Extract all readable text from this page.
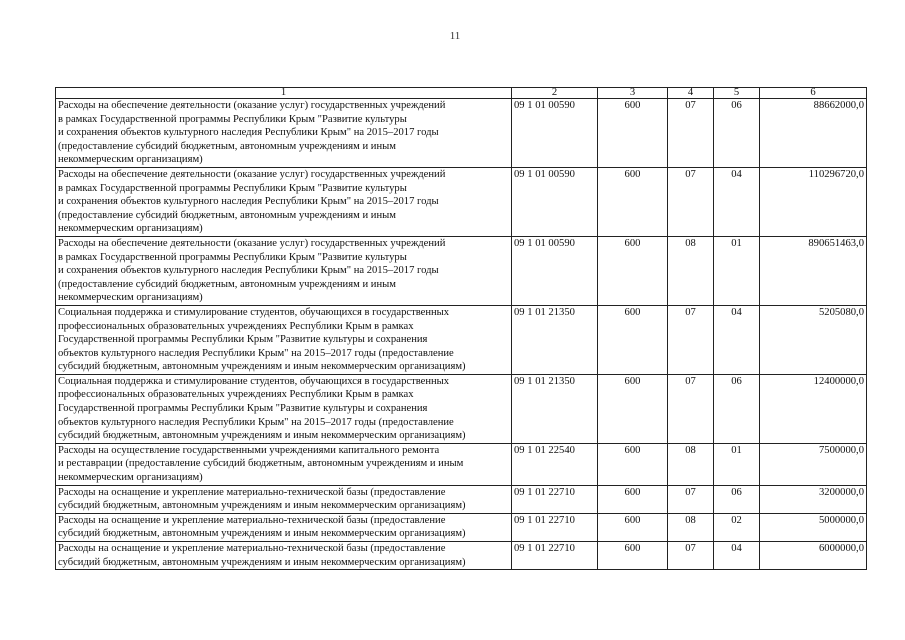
11
1	2	3	4	5	6
Расходы на обеспечение деятельности (оказание услуг) государственных учреждений
в рамках Государственной программы Республики Крым "Развитие культуры
и сохранения объектов культурного наследия Республики Крым" на 2015–2017 годы
(предоставление субсидий бюджетным, автономным учреждениям и иным
некоммерческим организациям)	09 1 01 00590	600	07	06	88662000,0
Расходы на обеспечение деятельности (оказание услуг) государственных учреждений
в рамках Государственной программы Республики Крым "Развитие культуры
и сохранения объектов культурного наследия Республики Крым" на 2015–2017 годы
(предоставление субсидий бюджетным, автономным учреждениям и иным
некоммерческим организациям)	09 1 01 00590	600	07	04	110296720,0
Расходы на обеспечение деятельности (оказание услуг) государственных учреждений
в рамках Государственной программы Республики Крым "Развитие культуры
и сохранения объектов культурного наследия Республики Крым" на 2015–2017 годы
(предоставление субсидий бюджетным, автономным учреждениям и иным
некоммерческим организациям)	09 1 01 00590	600	08	01	890651463,0
Социальная поддержка и стимулирование студентов, обучающихся в государственных
профессиональных образовательных учреждениях Республики Крым в рамках
Государственной программы Республики Крым "Развитие культуры и сохранения
объектов культурного наследия Республики Крым" на 2015–2017 годы (предоставление
субсидий бюджетным, автономным учреждениям и иным некоммерческим организациям)	09 1 01 21350	600	07	04	5205080,0
Социальная поддержка и стимулирование студентов, обучающихся в государственных
профессиональных образовательных учреждениях Республики Крым в рамках
Государственной программы Республики Крым "Развитие культуры и сохранения
объектов культурного наследия Республики Крым" на 2015–2017 годы (предоставление
субсидий бюджетным, автономным учреждениям и иным некоммерческим организациям)	09 1 01 21350	600	07	06	12400000,0
Расходы на осуществление государственными учреждениями капитального ремонта
и реставрации (предоставление субсидий бюджетным, автономным учреждениям и иным
некоммерческим организациям)	09 1 01 22540	600	08	01	7500000,0
Расходы на оснащение и укрепление материально-технической базы (предоставление
субсидий бюджетным, автономным учреждениям и иным некоммерческим организациям)	09 1 01 22710	600	07	06	3200000,0
Расходы на оснащение и укрепление материально-технической базы (предоставление
субсидий бюджетным, автономным учреждениям и иным некоммерческим организациям)	09 1 01 22710	600	08	02	5000000,0
Расходы на оснащение и укрепление материально-технической базы (предоставление
субсидий бюджетным, автономным учреждениям и иным некоммерческим организациям)	09 1 01 22710	600	07	04	6000000,0
